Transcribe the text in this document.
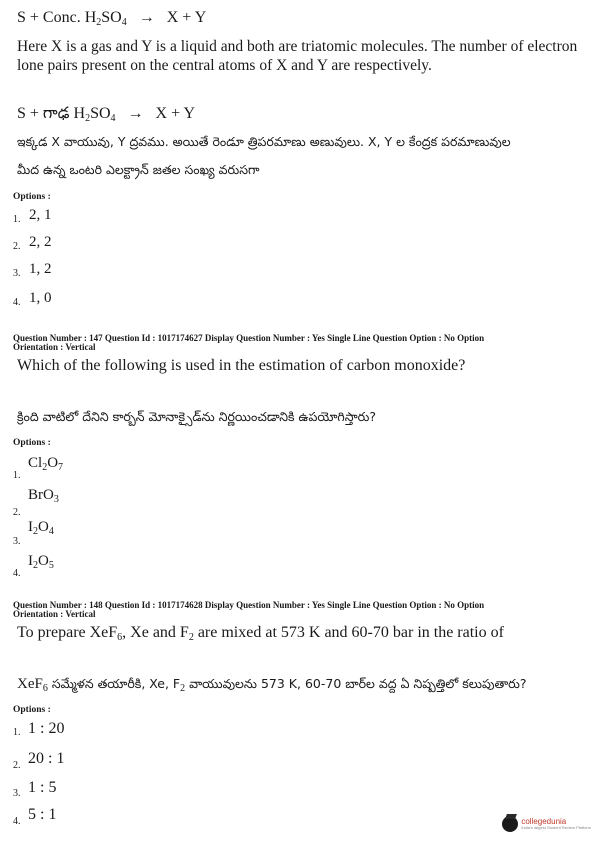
S + Conc. $H_2SO_4 \to X + Y$
Here X is a gas and Y is a liquid and both are triatomic molecules. The number of electron
lone pairs present on the central atoms of X and Y are respectively.
S + గాఢ $H_2SO_4 \to X + Y$
ఇక్కడ X వాయువు, Y ద్రవము. అయితే రెండూ త్రిపరమాణు అణువులు. X, Y ల కేంద్రక పరమాణువుల
మీద ఉన్న ఒంటరి ఎలక్ట్రాన్ జతల సంఖ్య వరుసగా
Options :
1. 2, 1
2. 2, 2
3. 1, 2
4. 1, 0
Question Number : 147 Question Id : 1017174627 Display Question Number : Yes Single Line Question Option : No Option
Orientation : Vertical
Which of the following is used in the estimation of carbon monoxide?
క్రింది వాటిలో దేనిని కార్బన్ మోనాక్సైడ్‌ను నిర్ణయించడానికి ఉపయోగిస్తారు?
Options :
1.
$Cl_2O_7$
2.
BrO$_3$
3.
$I_2O_4$
4.
$I_2O_5$
Question Number : 148 Question Id : 1017174628 Display Question Number : Yes Single Line Question Option : No Option
Orientation : Vertical
To prepare XeF$_6$, Xe and $F_2$ are mixed at 573 K and 60-70 bar in the ratio of
XeF$_6$ సమ్మేళన తయారీకి, Xe, $F_2$ వాయువులను 573 K, 60-70 బార్‌ల వద్ద ఏ నిష్పత్తిలో కలుపుతారు?
Options :
1. 1 : 20
2. 20 : 1
3. 1 : 5
4. 5 : 1	collegedunia
India's largest Student Review Platform
